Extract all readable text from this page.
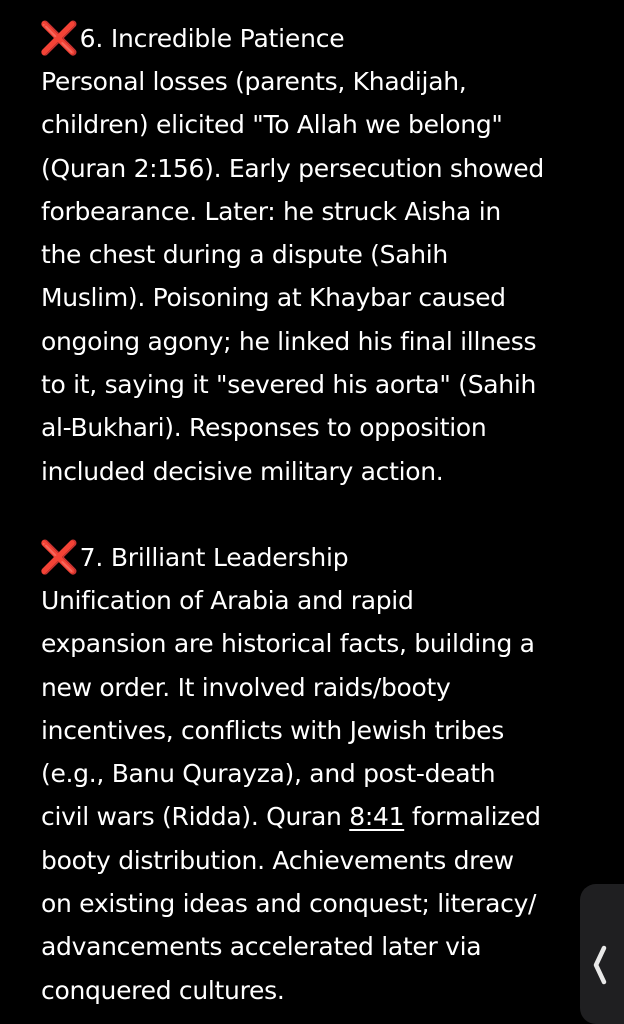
❌ 6. Incredible Patience
Personal losses (parents, Khadijah,
children) elicited "To Allah we belong"
(Quran 2:156). Early persecution showed
forbearance. Later: he struck Aisha in
the chest during a dispute (Sahih
Muslim). Poisoning at Khaybar caused
ongoing agony; he linked his final illness
to it, saying it "severed his aorta" (Sahih
al-Bukhari). Responses to opposition
included decisive military action.
❌ 7. Brilliant Leadership
Unification of Arabia and rapid
expansion are historical facts, building a
new order. It involved raids/booty
incentives, conflicts with Jewish tribes
(e.g., Banu Qurayza), and post-death
civil wars (Ridda). Quran 8:41 formalized
booty distribution. Achievements drew
on existing ideas and conquest; literacy/
advancements accelerated later via
conquered cultures.
